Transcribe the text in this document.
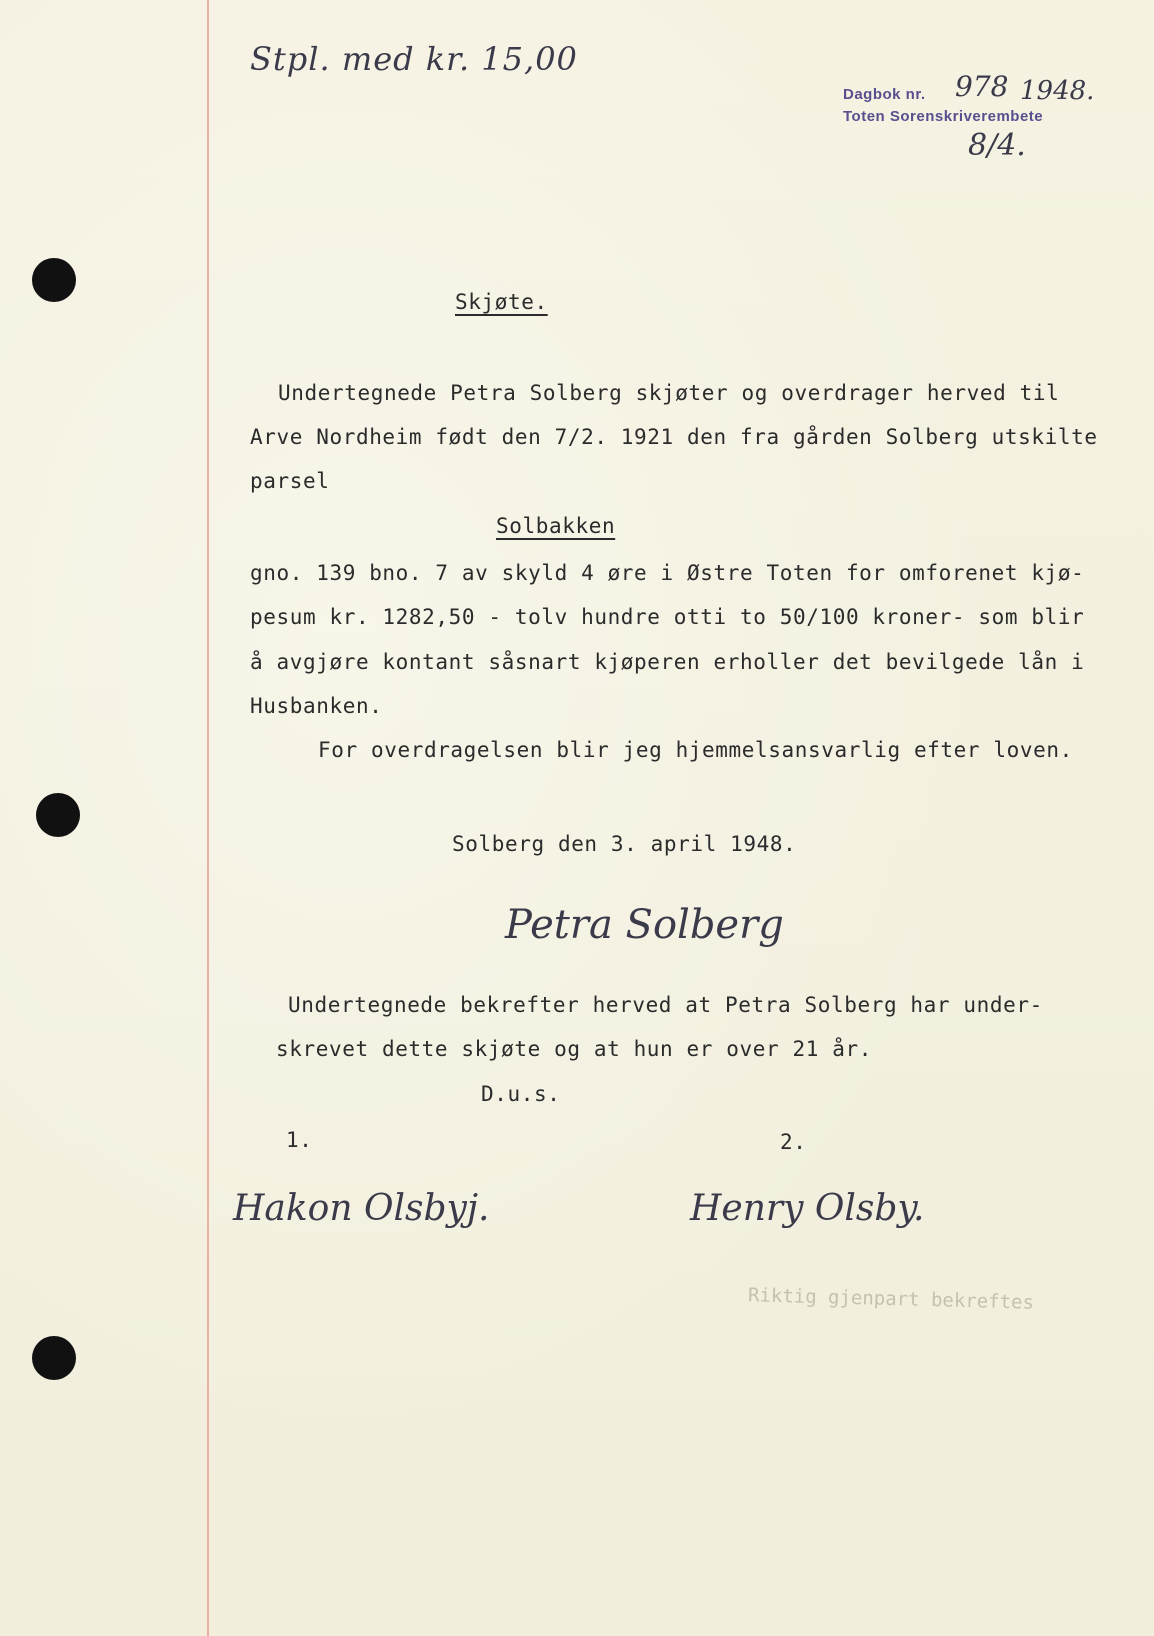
Stpl. med kr. 15,00
Dagbok nr. 978 1948.
Toten Sorenskriverembete
8/4.
Skjøte.
Undertegnede Petra Solberg skjøter og overdrager herved til
Arve Nordheim født den 7/2. 1921 den fra gården Solberg utskilte
parsel
Solbakken
gno. 139 bno. 7 av skyld 4 øre i Østre Toten for omforenet kjø-
pesum kr. 1282,50 - tolv hundre otti to 50/100 kroner- som blir
å avgjøre kontant såsnart kjøperen erholler det bevilgede lån i
Husbanken.
For overdragelsen blir jeg hjemmelsansvarlig efter loven.
Solberg den 3. april 1948.
Petra Solberg
Undertegnede bekrefter herved at Petra Solberg har under-
skrevet dette skjøte og at hun er over 21 år.
D.u.s.
1.	2.
Hakon Olsbyj.	Henry Olsby.
Riktig gjenpart bekreftes
